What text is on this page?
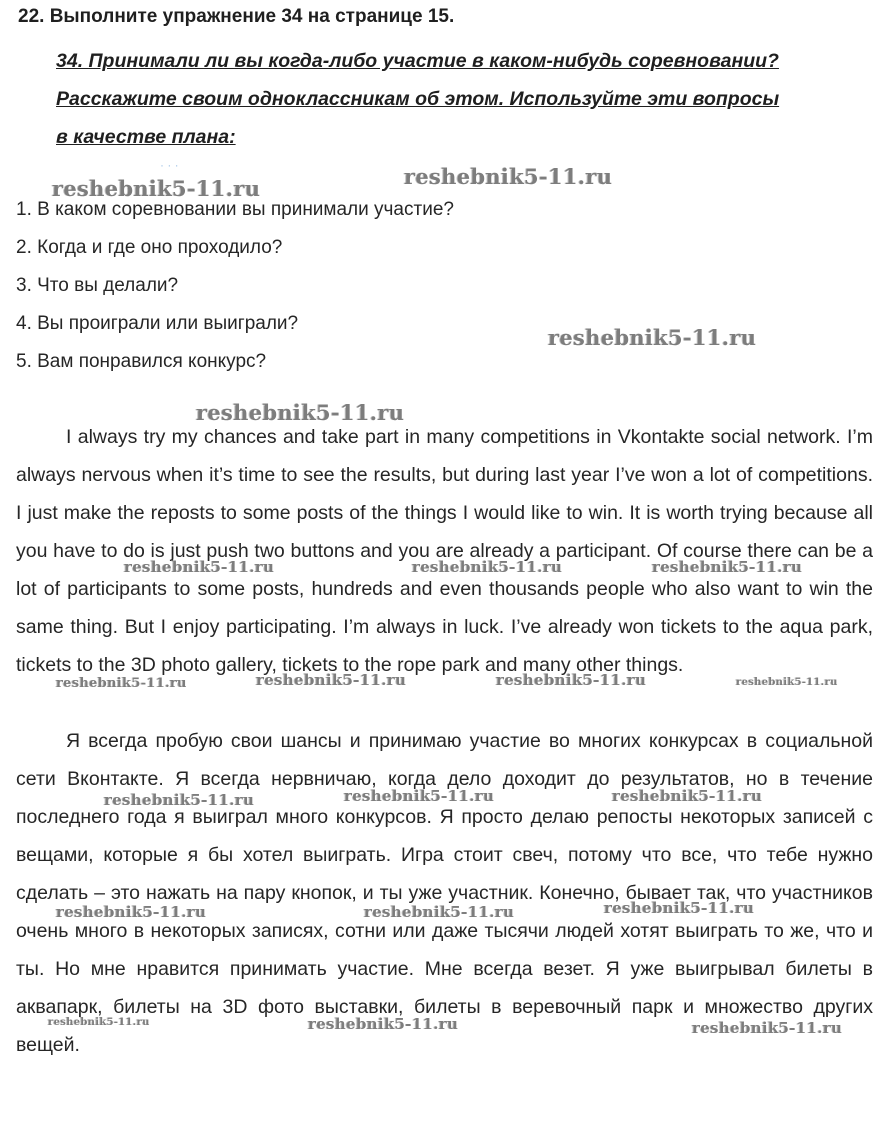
22. Выполните упражнение 34 на странице 15.
34. Принимали ли вы когда-либо участие в каком-нибудь соревновании?
Расскажите своим одноклассникам об этом. Используйте эти вопросы
в качестве плана:
· · ·
1. В каком соревновании вы принимали участие?
2. Когда и где оно проходило?
3. Что вы делали?
4. Вы проиграли или выиграли?
5. Вам понравился конкурс?

I always try my chances and take part in many competitions in Vkontakte social network. I’m always nervous when it’s time to see the results, but during last year I’ve won a lot of competitions. I just make the reposts to some posts of the things I would like to win. It is worth trying because all you have to do is just push two buttons and you are already a participant. Of course there can be a lot of participants to some posts, hundreds and even thousands people who also want to win the same thing. But I enjoy participating. I’m always in luck. I’ve already won tickets to the aqua park, tickets to the 3D photo gallery, tickets to the rope park and many other things.

Я всегда пробую свои шансы и принимаю участие во многих конкурсах в социальной сети Вконтакте. Я всегда нервничаю, когда дело доходит до результатов, но в течение последнего года я выиграл много конкурсов. Я просто делаю репосты некоторых записей с вещами, которые я бы хотел выиграть. Игра стоит свеч, потому что все, что тебе нужно сделать – это нажать на пару кнопок, и ты уже участник. Конечно, бывает так, что участников очень много в некоторых записях, сотни или даже тысячи людей хотят выиграть то же, что и ты. Но мне нравится принимать участие. Мне всегда везет. Я уже выигрывал билеты в аквапарк, билеты на 3D фото выставки, билеты в веревочный парк и множество других вещей.

reshebnik5-11.ru	reshebnik5-11.ru
reshebnik5-11.ru
reshebnik5-11.ru
reshebnik5-11.ru	reshebnik5-11.ru	reshebnik5-11.ru
reshebnik5-11.ru	reshebnik5-11.ru	reshebnik5-11.ru	reshebnik5-11.ru
reshebnik5-11.ru	reshebnik5-11.ru	reshebnik5-11.ru
reshebnik5-11.ru	reshebnik5-11.ru	reshebnik5-11.ru
reshebnik5-11.ru	reshebnik5-11.ru	reshebnik5-11.ru
